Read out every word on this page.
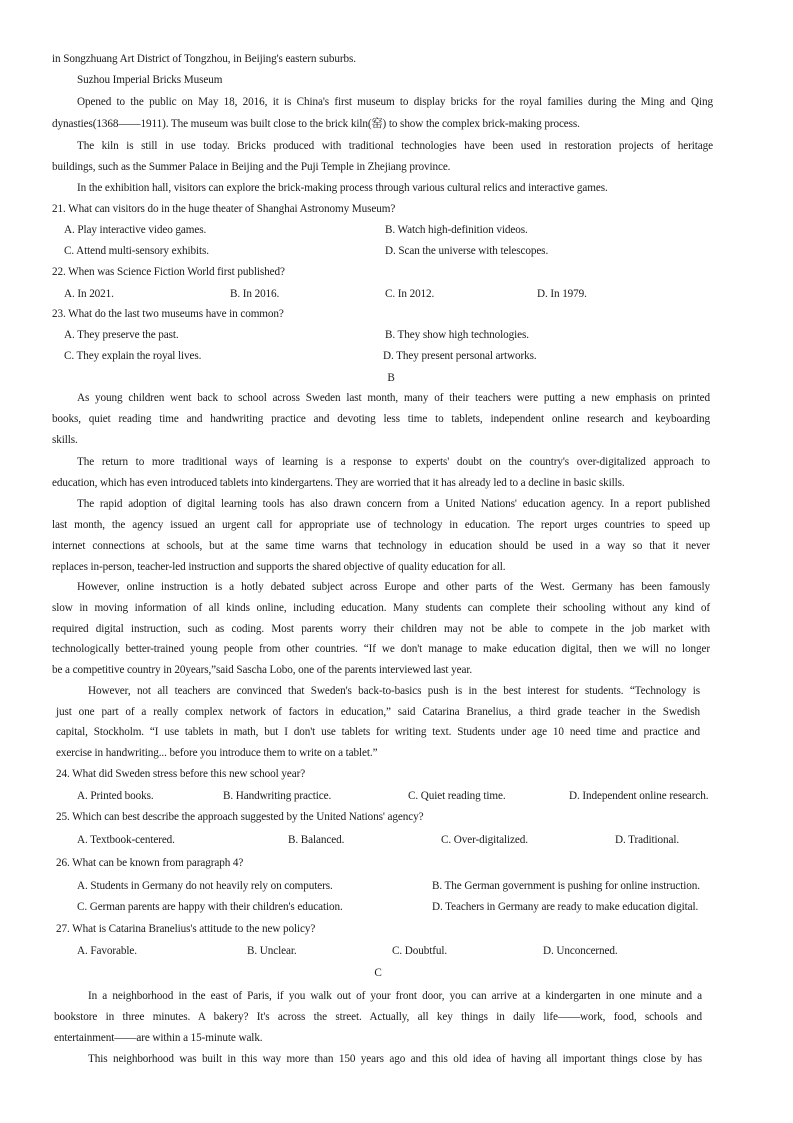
in Songzhuang Art District of Tongzhou, in Beijing's eastern suburbs.
Suzhou Imperial Bricks Museum
Opened to the public on May 18, 2016, it is China's first museum to display bricks for the royal families during the Ming and Qing
dynasties(1368——1911). The museum was built close to the brick kiln(窑) to show the complex brick-making process.
The kiln is still in use today. Bricks produced with traditional technologies have been used in restoration projects of heritage
buildings, such as the Summer Palace in Beijing and the Puji Temple in Zhejiang province.
In the exhibition hall, visitors can explore the brick-making process through various cultural relics and interactive games.
21. What can visitors do in the huge theater of Shanghai Astronomy Museum?
A. Play interactive video games.	B. Watch high-definition videos.
C. Attend multi-sensory exhibits.	D. Scan the universe with telescopes.
22. When was Science Fiction World first published?
A. In 2021.	B. In 2016.	C. In 2012.	D. In 1979.
23. What do the last two museums have in common?
A. They preserve the past.	B. They show high technologies.
C. They explain the royal lives.	D. They present personal artworks.
B
As young children went back to school across Sweden last month, many of their teachers were putting a new emphasis on printed
books, quiet reading time and handwriting practice and devoting less time to tablets, independent online research and keyboarding
skills.
The return to more traditional ways of learning is a response to experts' doubt on the country's over-digitalized approach to
education, which has even introduced tablets into kindergartens. They are worried that it has already led to a decline in basic skills.
The rapid adoption of digital learning tools has also drawn concern from a United Nations' education agency. In a report published
last month, the agency issued an urgent call for appropriate use of technology in education. The report urges countries to speed up
internet connections at schools, but at the same time warns that technology in education should be used in a way so that it never
replaces in-person, teacher-led instruction and supports the shared objective of quality education for all.
However, online instruction is a hotly debated subject across Europe and other parts of the West. Germany has been famously
slow in moving information of all kinds online, including education. Many students can complete their schooling without any kind of
required digital instruction, such as coding. Most parents worry their children may not be able to compete in the job market with
technologically better-trained young people from other countries. “If we don't manage to make education digital, then we will no longer
be a competitive country in 20years,”said Sascha Lobo, one of the parents interviewed last year.
However, not all teachers are convinced that Sweden's back-to-basics push is in the best interest for students. “Technology is
just one part of a really complex network of factors in education,” said Catarina Branelius, a third grade teacher in the Swedish
capital, Stockholm. “I use tablets in math, but I don't use tablets for writing text. Students under age 10 need time and practice and
exercise in handwriting... before you introduce them to write on a tablet.”
24. What did Sweden stress before this new school year?
A. Printed books.	B. Handwriting practice.	C. Quiet reading time.	D. Independent online research.
25. Which can best describe the approach suggested by the United Nations' agency?
A. Textbook-centered.	B. Balanced.	C. Over-digitalized.	D. Traditional.
26. What can be known from paragraph 4?
A. Students in Germany do not heavily rely on computers.	B. The German government is pushing for online instruction.
C. German parents are happy with their children's education.	D. Teachers in Germany are ready to make education digital.
27. What is Catarina Branelius's attitude to the new policy?
A. Favorable.	B. Unclear.	C. Doubtful.	D. Unconcerned.
C
In a neighborhood in the east of Paris, if you walk out of your front door, you can arrive at a kindergarten in one minute and a
bookstore in three minutes. A bakery? It's across the street. Actually, all key things in daily life——work, food, schools and
entertainment——are within a 15-minute walk.
This neighborhood was built in this way more than 150 years ago and this old idea of having all important things close by has
